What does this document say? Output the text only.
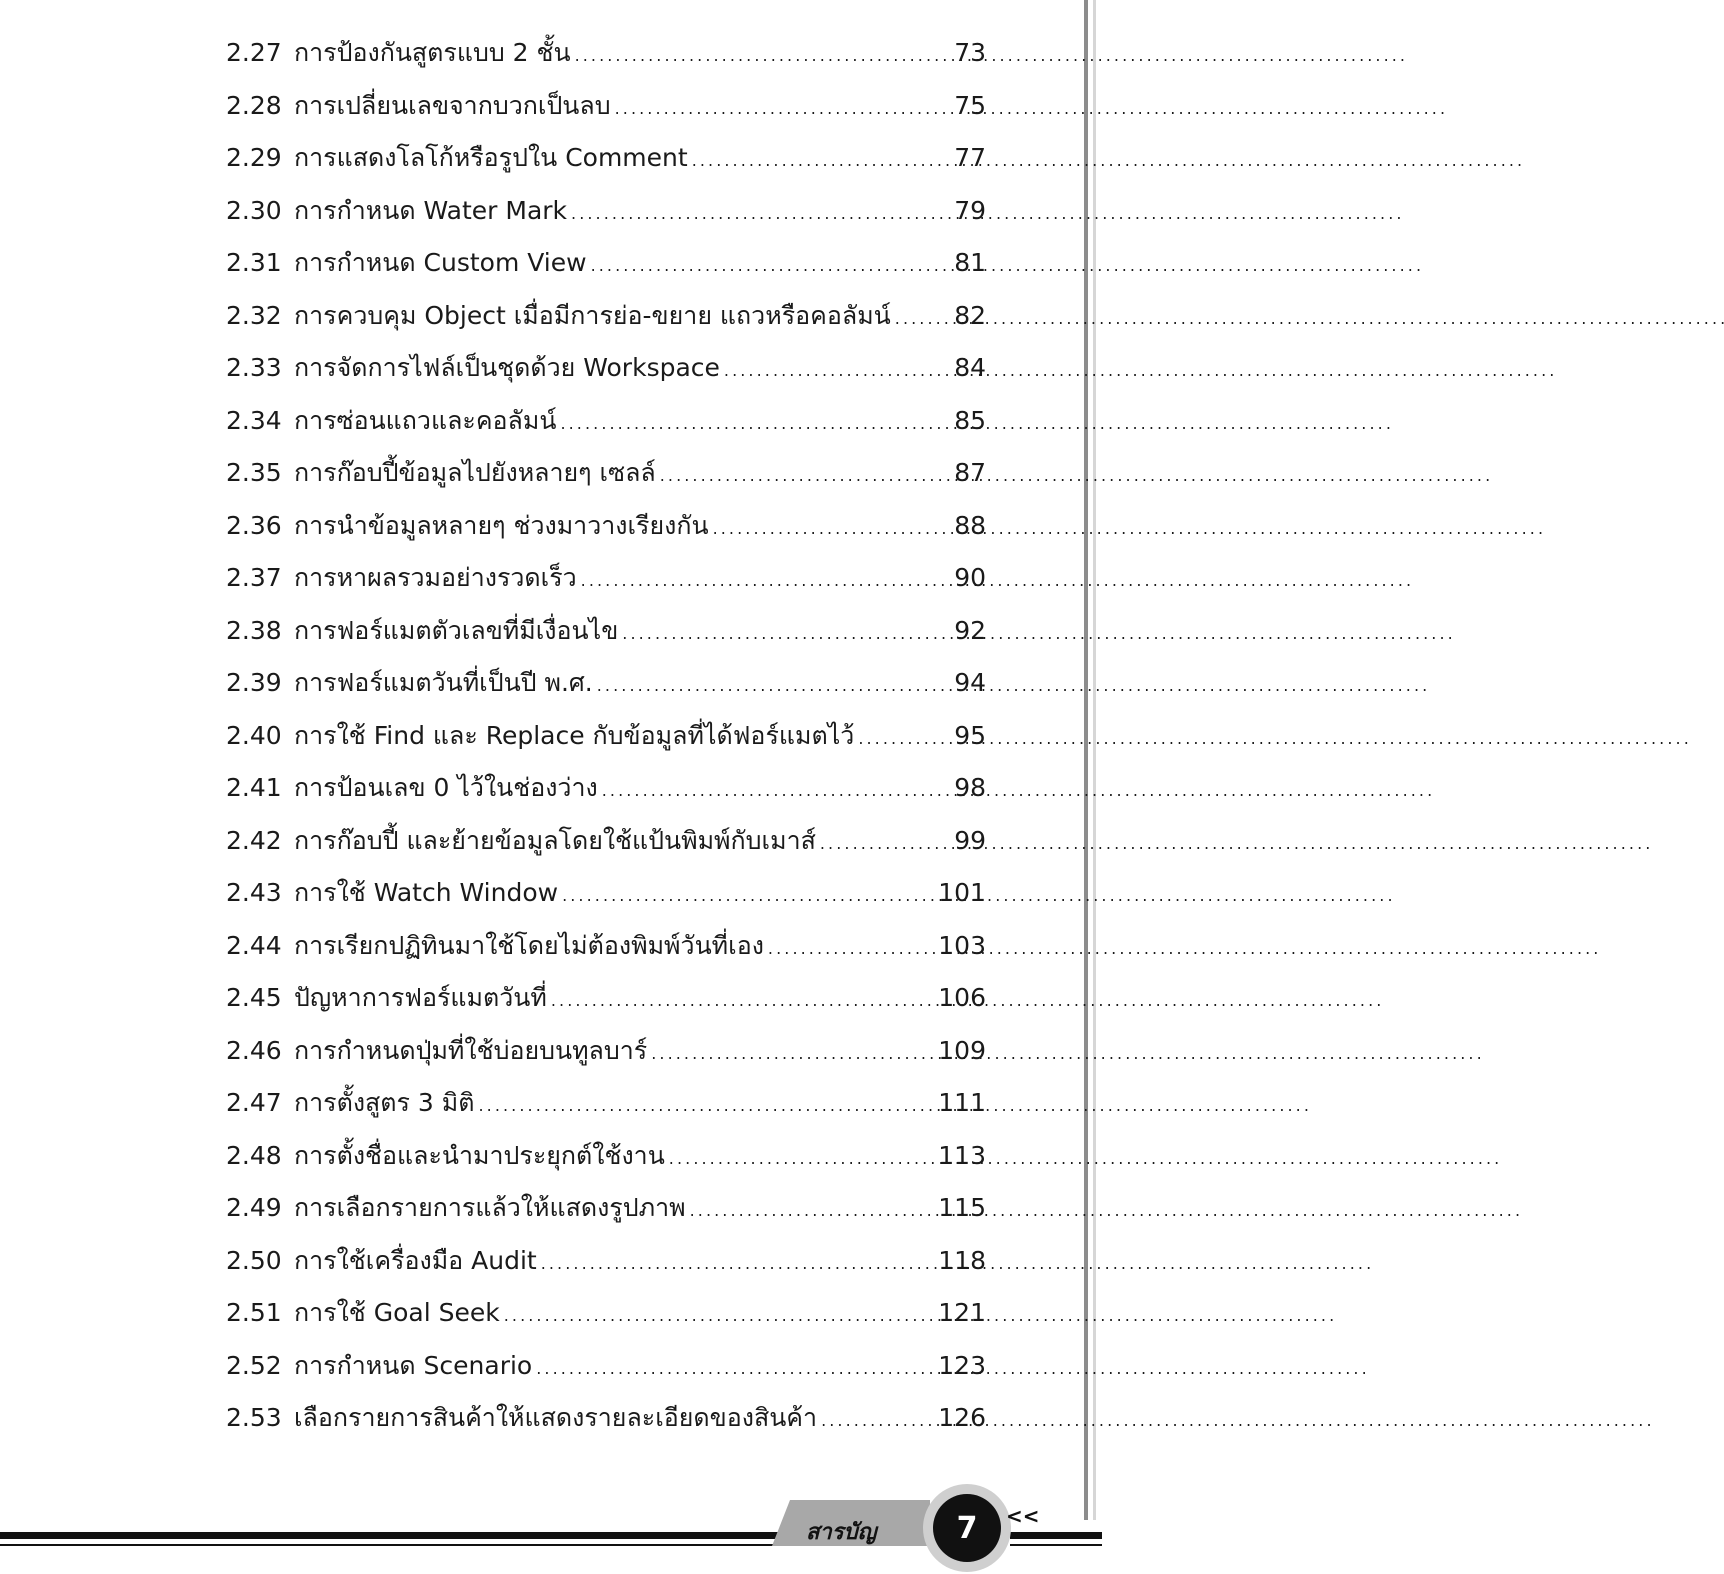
2.27 การป้องกันสูตรแบบ 2 ชั้น . . .	73
2.28 การเปลี่ยนเลขจากบวกเป็นลบ . . .	75
2.29 การแสดงโลโก้หรือรูปใน Comment . . .	77
2.30 การกำหนด Water Mark . . .	79
2.31 การกำหนด Custom View . . .	81
2.32 การควบคุม Object เมื่อมีการย่อ-ขยาย แถวหรือคอลัมน์ . . .	82
2.33 การจัดการไฟล์เป็นชุดด้วย Workspace . . .	84
2.34 การซ่อนแถวและคอลัมน์ . . .	85
2.35 การก๊อบปี้ข้อมูลไปยังหลายๆ เซลล์ . . .	87
2.36 การนำข้อมูลหลายๆ ช่วงมาวางเรียงกัน . . .	88
2.37 การหาผลรวมอย่างรวดเร็ว . . .	90
2.38 การฟอร์แมตตัวเลขที่มีเงื่อนไข . . .	92
2.39 การฟอร์แมตวันที่เป็นปี พ.ศ. . . .	94
2.40 การใช้ Find และ Replace กับข้อมูลที่ได้ฟอร์แมตไว้ . . .	95
2.41 การป้อนเลข 0 ไว้ในช่องว่าง . . .	98
2.42 การก๊อบปี้ และย้ายข้อมูลโดยใช้แป้นพิมพ์กับเมาส์ . . .	99
2.43 การใช้ Watch Window . . .	101
2.44 การเรียกปฏิทินมาใช้โดยไม่ต้องพิมพ์วันที่เอง . . .	103
2.45 ปัญหาการฟอร์แมตวันที่ . . .	106
2.46 การกำหนดปุ่มที่ใช้บ่อยบนทูลบาร์ . . .	109
2.47 การตั้งสูตร 3 มิติ . . .	111
2.48 การตั้งชื่อและนำมาประยุกต์ใช้งาน . . .	113
2.49 การเลือกรายการแล้วให้แสดงรูปภาพ . . .	115
2.50 การใช้เครื่องมือ Audit . . .	118
2.51 การใช้ Goal Seek . . .	121
2.52 การกำหนด Scenario . . .	123
2.53 เลือกรายการสินค้าให้แสดงรายละเอียดของสินค้า . . .	126
สารบัญ	7	<<
